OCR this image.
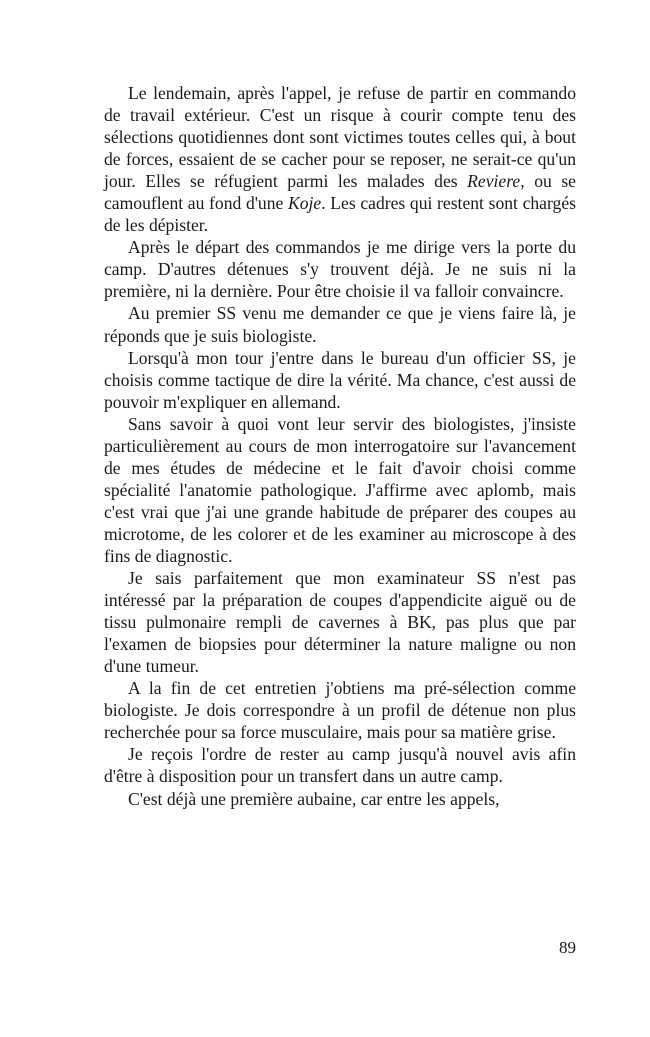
Le lendemain, après l'appel, je refuse de partir en commando de travail extérieur. C'est un risque à courir compte tenu des sélections quotidiennes dont sont victimes toutes celles qui, à bout de forces, essaient de se cacher pour se reposer, ne serait-ce qu'un jour. Elles se réfugient parmi les malades des Reviere, ou se camouflent au fond d'une Koje. Les cadres qui restent sont chargés de les dépister.

Après le départ des commandos je me dirige vers la porte du camp. D'autres détenues s'y trouvent déjà. Je ne suis ni la première, ni la dernière. Pour être choisie il va falloir convaincre.

Au premier SS venu me demander ce que je viens faire là, je réponds que je suis biologiste.

Lorsqu'à mon tour j'entre dans le bureau d'un officier SS, je choisis comme tactique de dire la vérité. Ma chance, c'est aussi de pouvoir m'expliquer en allemand.

Sans savoir à quoi vont leur servir des biologistes, j'insiste particulièrement au cours de mon interrogatoire sur l'avancement de mes études de médecine et le fait d'avoir choisi comme spécialité l'anatomie pathologique. J'affirme avec aplomb, mais c'est vrai que j'ai une grande habitude de préparer des coupes au microtome, de les colorer et de les examiner au microscope à des fins de diagnostic.

Je sais parfaitement que mon examinateur SS n'est pas intéressé par la préparation de coupes d'appendicite aiguë ou de tissu pulmonaire rempli de cavernes à BK, pas plus que par l'examen de biopsies pour déterminer la nature maligne ou non d'une tumeur.

A la fin de cet entretien j'obtiens ma pré-sélection comme biologiste. Je dois correspondre à un profil de détenue non plus recherchée pour sa force musculaire, mais pour sa matière grise.

Je reçois l'ordre de rester au camp jusqu'à nouvel avis afin d'être à disposition pour un transfert dans un autre camp.

C'est déjà une première aubaine, car entre les appels,

89
